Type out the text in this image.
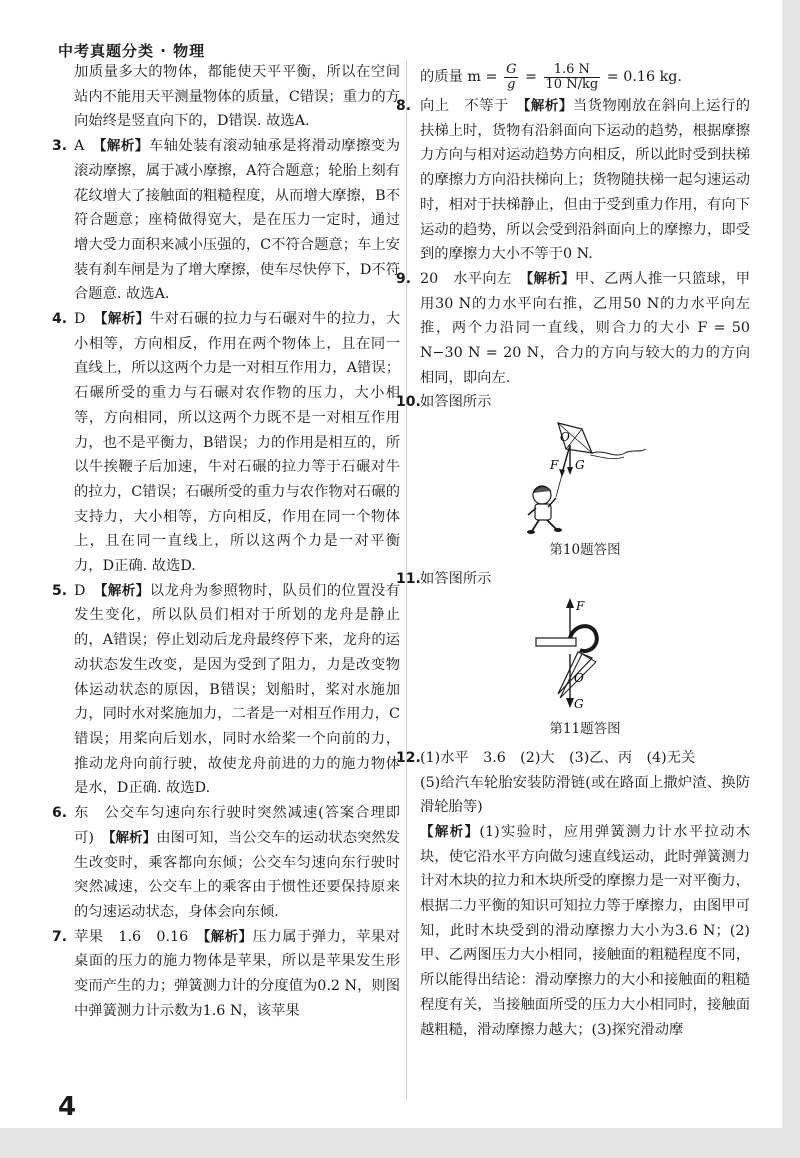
中考真题分类 · 物理

加质量多大的物体，都能使天平平衡，所以在空间站内不能用天平测量物体的质量，C错误；重力的方向始终是竖直向下的，D错误. 故选A.

3. A 【 解析 】 车轴处装有滚动轴承是将滑动摩擦变为滚动摩擦，属于减小摩擦，A符合题意；轮胎上刻有花纹增大了接触面的粗糙程度，从而增大摩擦，B不符合题意；座椅做得宽大，是在压力一定时，通过增大受力面积来减小压强的，C不符合题意；车上安装有刹车闸是为了增大摩擦，使车尽快停下，D不符合题意. 故选A.

4. D 【 解析 】 牛对石碾的拉力与石碾对牛的拉力，大小相等，方向相反，作用在两个物体上，且在同一直线上，所以这两个力是一对相互作用力，A错误；石碾所受的重力与石碾对农作物的压力，大小相等，方向相同，所以这两个力既不是一对相互作用力，也不是平衡力，B错误；力的作用是相互的，所以牛挨鞭子后加速，牛对石碾的拉力等于石碾对牛的拉力，C错误；石碾所受的重力与农作物对石碾的支持力，大小相等，方向相反，作用在同一个物体上，且在同一直线上，所以这两个力是一对平衡力，D正确. 故选D.

5. D 【 解析 】 以龙舟为参照物时，队员们的位置没有发生变化，所以队员们相对于所划的龙舟是静止的，A错误；停止划动后龙舟最终停下来，龙舟的运动状态发生改变，是因为受到了阻力，力是改变物体运动状态的原因，B错误；划船时，桨对水施加力，同时水对桨施加力，二者是一对相互作用力，C错误；用桨向后划水，同时水给桨一个向前的力，推动龙舟向前行驶，故使龙舟前进的力的施力物体是水，D正确. 故选D.

6. 东　公交车匀速向东行驶时突然减速(答案合理即可) 【 解析 】 由图可知，当公交车的运动状态突然发生改变时，乘客都向东倾；公交车匀速向东行驶时突然减速，公交车上的乘客由于惯性还要保持原来的匀速运动状态，身体会向东倾.

7. 苹果　1.6　0.16 【 解析 】 压力属于弹力，苹果对桌面的压力的施力物体是苹果，所以是苹果发生形变而产生的力；弹簧测力计的分度值为0.2 N，则图中弹簧测力计示数为1.6 N，该苹果

的质量 $m = \frac{G}{g} = \frac{1.6 N}{10 N/kg} = 0.16$ kg.

8. 向上　不等于 【 解析 】 当货物刚放在斜向上运行的扶梯上时，货物有沿斜面向下运动的趋势，根据摩擦力方向与相对运动趋势方向相反，所以此时受到扶梯的摩擦力方向沿扶梯向上；货物随扶梯一起匀速运动时，相对于扶梯静止，但由于受到重力作用，有向下运动的趋势，所以会受到沿斜面向上的摩擦力，即受到的摩擦力大小不等于0 N.

9. 20　水平向左 【 解析 】 甲、乙两人推一只篮球，甲用30 N的力水平向右推，乙用50 N的力水平向左推，两个力沿同一直线，则合力的大小 F = 50 N−30 N = 20 N，合力的方向与较大的力的方向相同，即向左.

10. 如答图所示

O
F G

第10题答图

11. 如答图所示

F
O
G

第11题答图

12. (1)水平　3.6　(2)大　(3)乙、丙　(4)无关

(5)给汽车轮胎安装防滑链(或在路面上撒炉渣、换防滑轮胎等)

【 解析 】 (1)实验时，应用弹簧测力计水平拉动木块，使它沿水平方向做匀速直线运动，此时弹簧测力计对木块的拉力和木块所受的摩擦力是一对平衡力，根据二力平衡的知识可知拉力等于摩擦力，由图甲可知，此时木块受到的滑动摩擦力大小为3.6 N；(2)甲、乙两图压力大小相同，接触面的粗糙程度不同，所以能得出结论：滑动摩擦力的大小和接触面的粗糙程度有关，当接触面所受的压力大小相同时，接触面越粗糙，滑动摩擦力越大；(3)探究滑动摩

4
